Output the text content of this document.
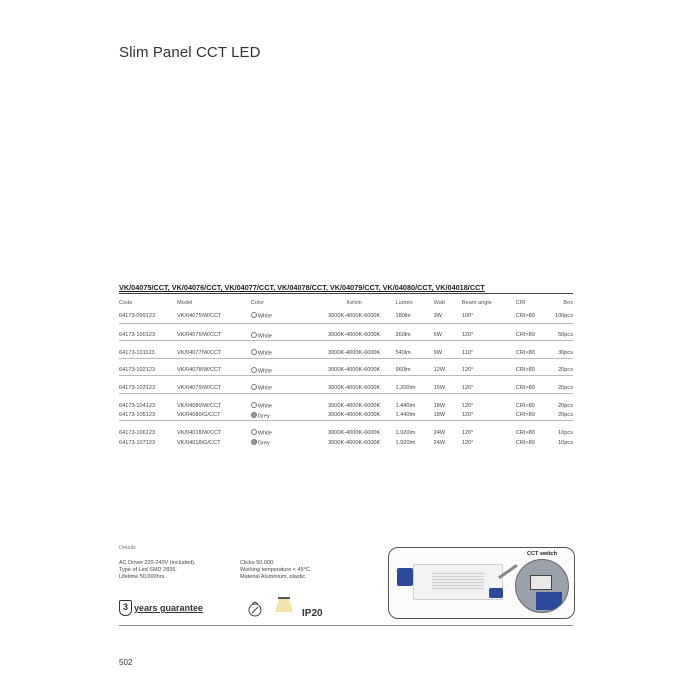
Slim Panel CCT LED
VK/04075/CCT, VK/04076/CCT, VK/04077/CCT, VK/04078/CCT, VK/04079/CCT, VK/04080/CCT, VK/04018/CCT
Code	Model	Color	Kelvin	Lumen	Watt	Beam angle	CRI	Box
64173-099123	VK/04075/W/CCT	White	3000K-4000K-6000K	180lm	3W	100°	CRI>80	100pcs

64173-100123	VK/04076/W/CCT	White	3000K-4000K-6000K	360lm	6W	120°	CRI>80	50pcs

64173-101123	VK/04077/W/CCT	White	3000K-4000K-6000K	540lm	9W	110°	CRI>80	30pcs

64173-102123	VK/04078/W/CCT	White	3000K-4000K-6000K	960lm	12W	120°	CRI>80	20pcs

64173-103123	VK/04079/W/CCT	White	3000K-4000K-6000K	1.200lm	15W	120°	CRI>80	20pcs

64173-104123	VK/04080/W/CCT	White	3000K-4000K-6000K	1.440lm	18W	120°	CRI>80	20pcs
64173-105123	VK/04080/G/CCT	Grey	3000K-4000K-6000K	1.440lm	18W	120°	CRI>80	20pcs

64173-106123	VK/04018/W/CCT	White	3000K-4000K-6000K	1.920lm	24W	120°	CRI>80	10pcs
64173-107123	VK/04018/G/CCT	Grey	3000K-4000K-6000K	1.920lm	24W	120°	CRI>80	10pcs
Details
AC Driver 220-240V (included).
Type of Led SMD 2835.
Lifetime 50.000hrs.
Clicks 50.000.
Working temperature < 45°C.
Material Aluminium, plastic.
CCT switch
3 years guarantee	IP20
502
